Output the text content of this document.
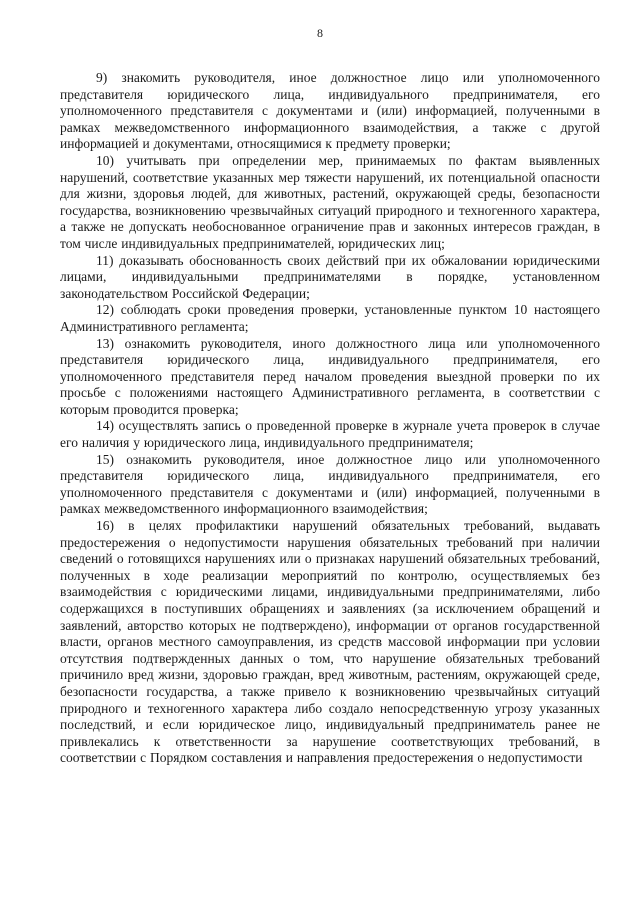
8

9) знакомить руководителя, иное должностное лицо или уполномоченного представителя юридического лица, индивидуального предпринимателя, его уполномоченного представителя с документами и (или) информацией, полученными в рамках межведомственного информационного взаимодействия, а также с другой информацией и документами, относящимися к предмету проверки;

10) учитывать при определении мер, принимаемых по фактам выявленных нарушений, соответствие указанных мер тяжести нарушений, их потенциальной опасности для жизни, здоровья людей, для животных, растений, окружающей среды, безопасности государства, возникновению чрезвычайных ситуаций природного и техногенного характера, а также не допускать необоснованное ограничение прав и законных интересов граждан, в том числе индивидуальных предпринимателей, юридических лиц;

11) доказывать обоснованность своих действий при их обжаловании юридическими лицами, индивидуальными предпринимателями в порядке, установленном законодательством Российской Федерации;

12) соблюдать сроки проведения проверки, установленные пунктом 10 настоящего Административного регламента;

13) ознакомить руководителя, иного должностного лица или уполномоченного представителя юридического лица, индивидуального предпринимателя, его уполномоченного представителя перед началом проведения выездной проверки по их просьбе с положениями настоящего Административного регламента, в соответствии с которым проводится проверка;

14) осуществлять запись о проведенной проверке в журнале учета проверок в случае его наличия у юридического лица, индивидуального предпринимателя;

15) ознакомить руководителя, иное должностное лицо или уполномоченного представителя юридического лица, индивидуального предпринимателя, его уполномоченного представителя с документами и (или) информацией, полученными в рамках межведомственного информационного взаимодействия;

16) в целях профилактики нарушений обязательных требований, выдавать предостережения о недопустимости нарушения обязательных требований при наличии сведений о готовящихся нарушениях или о признаках нарушений обязательных требований, полученных в ходе реализации мероприятий по контролю, осуществляемых без взаимодействия с юридическими лицами, индивидуальными предпринимателями, либо содержащихся в поступивших обращениях и заявлениях (за исключением обращений и заявлений, авторство которых не подтверждено), информации от органов государственной власти, органов местного самоуправления, из средств массовой информации при условии отсутствия подтвержденных данных о том, что нарушение обязательных требований причинило вред жизни, здоровью граждан, вред животным, растениям, окружающей среде, безопасности государства, а также привело к возникновению чрезвычайных ситуаций природного и техногенного характера либо создало непосредственную угрозу указанных последствий, и если юридическое лицо, индивидуальный предприниматель ранее не привлекались к ответственности за нарушение соответствующих требований, в соответствии с Порядком составления и направления предостережения о недопустимости
